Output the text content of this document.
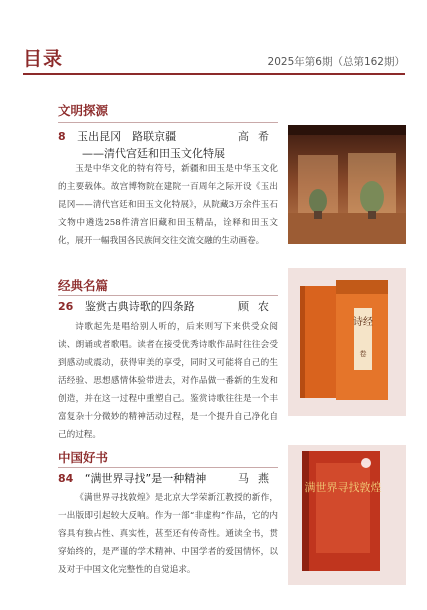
目录	2025年第6期（总第162期）
文明探源
8 玉出昆冈　路联京疆	高希
——清代宫廷和田玉文化特展
玉是中华文化的特有符号，新疆和田玉是中华玉文化的主要载体。故宫博物院在建院一百周年之际开设《玉出昆冈——清代宫廷和田玉文化特展》，从院藏3万余件玉石文物中遴选258件清宫旧藏和田玉精品，诠释和田玉文化，展开一幅我国各民族间交往交流交融的生动画卷。
经典名篇
26 鉴赏古典诗歌的四条路	顾农
诗歌起先是唱给别人听的，后来则写下来供受众阅读、朗诵或者歌唱。读者在接受优秀诗歌作品时往往会受到感动或震动，获得审美的享受，同时又可能将自己的生活经验、思想感情体验带进去，对作品做一番新的生发和创造，并在这一过程中重塑自己。鉴赏诗歌往往是一个丰富复杂十分微妙的精神活动过程，是一个提升自己净化自己的过程。
诗经
卷
中国好书
84 “满世界寻找”是一种精神	马燕
《满世界寻找敦煌》是北京大学荣新江教授的新作，一出版即引起较大反响。作为一部“非虚构”作品，它的内容具有独占性、真实性，甚至还有传奇性。通读全书，贯穿始终的，是严谨的学术精神、中国学者的爱国情怀，以及对于中国文化完整性的自觉追求。
满世界寻找敦煌
